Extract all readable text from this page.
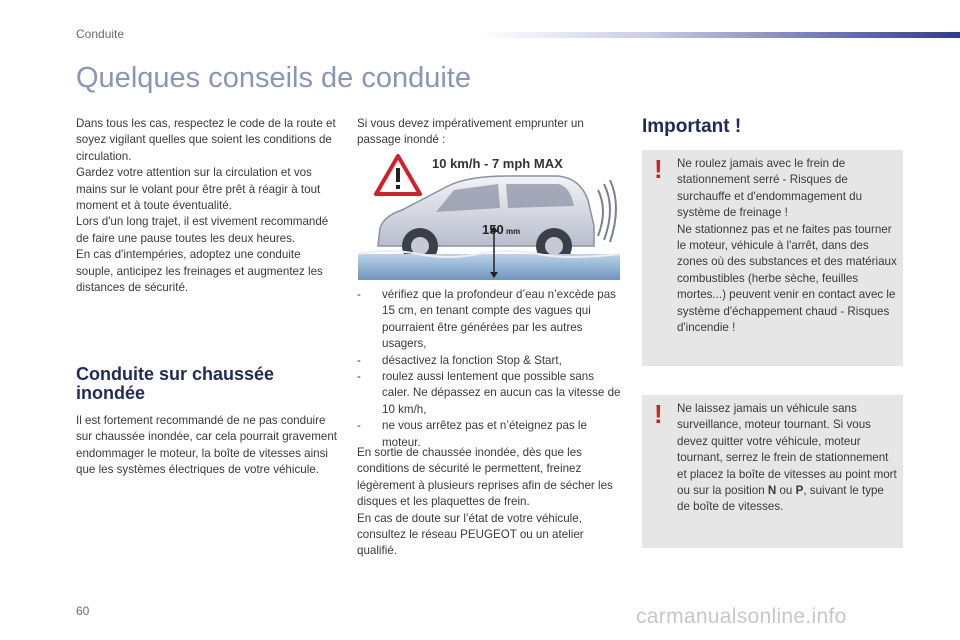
Conduite
Quelques conseils de conduite

Dans tous les cas, respectez le code de la route et soyez vigilant quelles que soient les conditions de circulation.

Gardez votre attention sur la circulation et vos mains sur le volant pour être prêt à réagir à tout moment et à toute éventualité.

Lors d'un long trajet, il est vivement recommandé de faire une pause toutes les deux heures.

En cas d'intempéries, adoptez une conduite souple, anticipez les freinages et augmentez les distances de sécurité.

Conduite sur chaussée inondée

Il est fortement recommandé de ne pas conduire sur chaussée inondée, car cela pourrait gravement endommager le moteur, la boîte de vitesses ainsi que les systèmes électriques de votre véhicule.

Si vous devez impérativement emprunter un passage inondé :

10 km/h - 7 mph MAX
150 mm
- vérifiez que la profondeur d’eau n’excède pas 15 cm, en tenant compte des vagues qui pourraient être générées par les autres usagers,
- désactivez la fonction Stop & Start,
- roulez aussi lentement que possible sans caler. Ne dépassez en aucun cas la vitesse de 10 km/h,
- ne vous arrêtez pas et n’éteignez pas le moteur.

En sortie de chaussée inondée, dès que les conditions de sécurité le permettent, freinez légèrement à plusieurs reprises afin de sécher les disques et les plaquettes de frein.

En cas de doute sur l’état de votre véhicule, consultez le réseau PEUGEOT ou un atelier qualifié.

Important !
! Ne roulez jamais avec le frein de stationnement serré - Risques de surchauffe et d'endommagement du système de freinage !

Ne stationnez pas et ne faites pas tourner le moteur, véhicule à l'arrêt, dans des zones où des substances et des matériaux combustibles (herbe sèche, feuilles mortes...) peuvent venir en contact avec le système d'échappement chaud - Risques d'incendie !

! Ne laissez jamais un véhicule sans surveillance, moteur tournant. Si vous devez quitter votre véhicule, moteur tournant, serrez le frein de stationnement et placez la boîte de vitesses au point mort ou sur la position N ou P, suivant le type de boîte de vitesses.

60	carmanualsonline.info
